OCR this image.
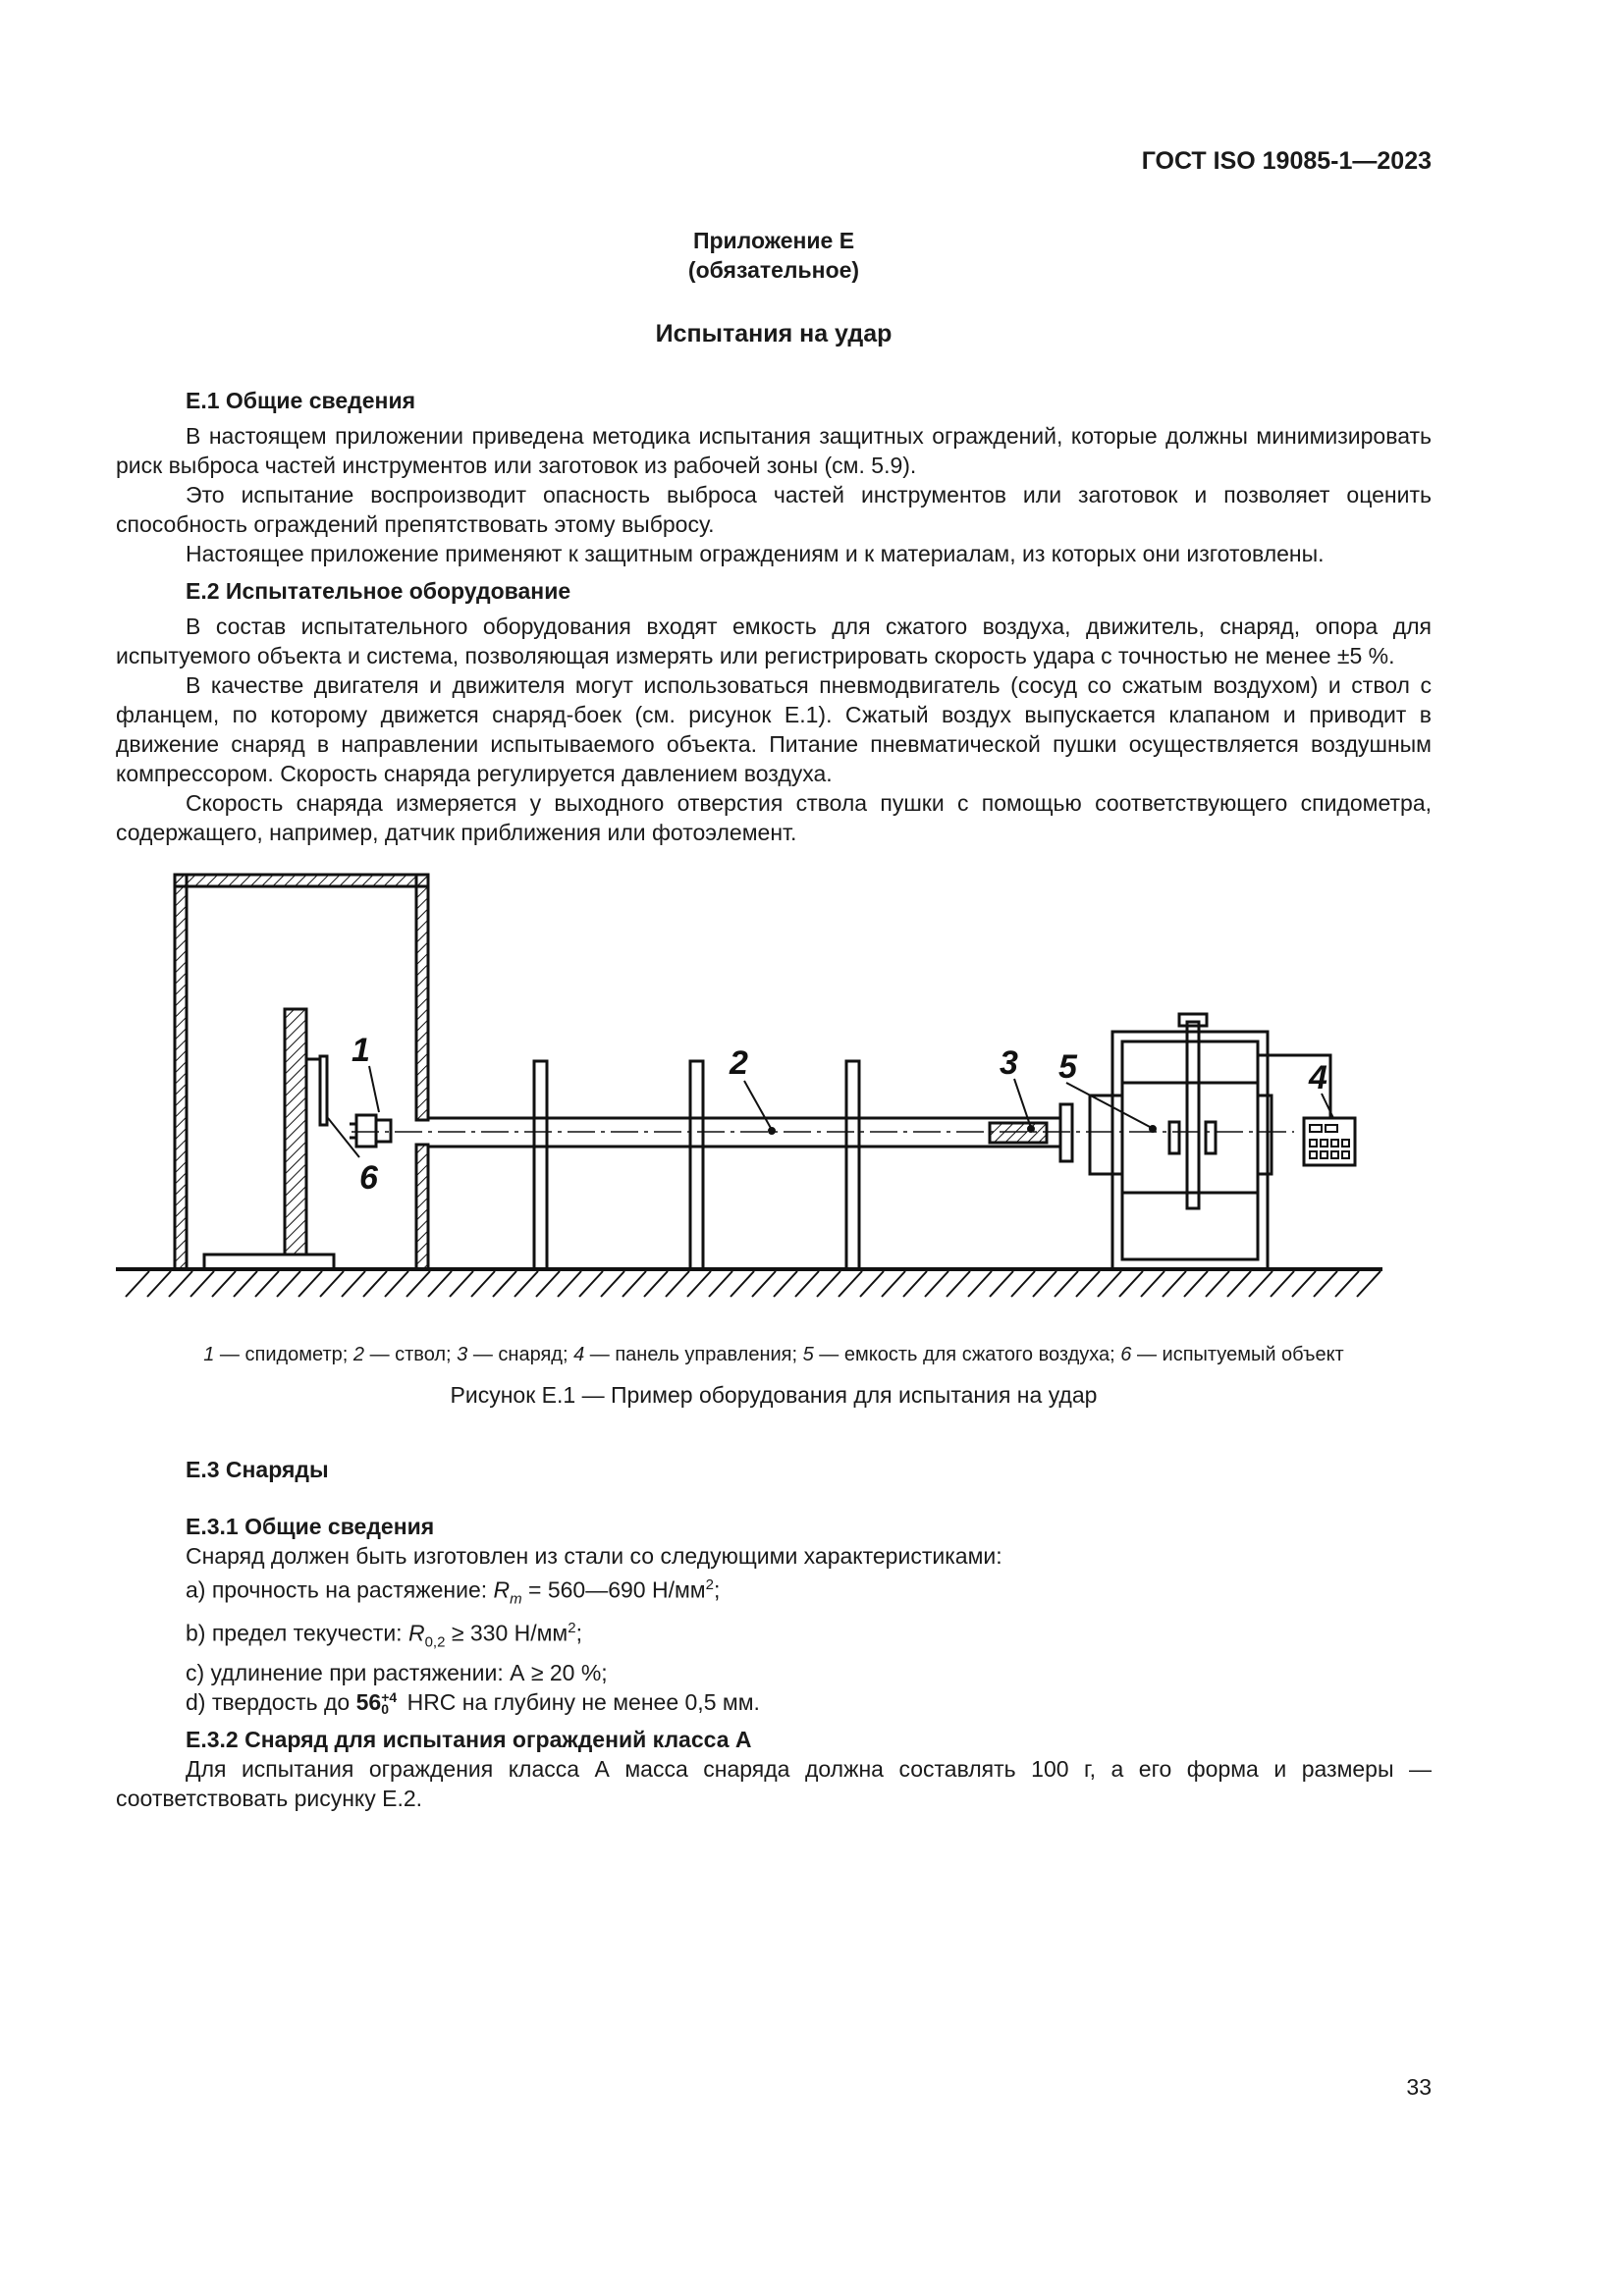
ГОСТ ISO 19085-1—2023
Приложение Е
(обязательное)
Испытания на удар
Е.1 Общие сведения

В настоящем приложении приведена методика испытания защитных ограждений, которые должны минимизировать риск выброса частей инструментов или заготовок из рабочей зоны (см. 5.9).

Это испытание воспроизводит опасность выброса частей инструментов или заготовок и позволяет оценить способность ограждений препятствовать этому выбросу.

Настоящее приложение применяют к защитным ограждениям и к материалам, из которых они изготовлены.

Е.2 Испытательное оборудование

В состав испытательного оборудования входят емкость для сжатого воздуха, движитель, снаряд, опора для испытуемого объекта и система, позволяющая измерять или регистрировать скорость удара с точностью не менее ±5 %.

В качестве двигателя и движителя могут использоваться пневмодвигатель (сосуд со сжатым воздухом) и ствол с фланцем, по которому движется снаряд-боек (см. рисунок Е.1). Сжатый воздух выпускается клапаном и приводит в движение снаряд в направлении испытываемого объекта. Питание пневматической пушки осуществляется воздушным компрессором. Скорость снаряда регулируется давлением воздуха.

Скорость снаряда измеряется у выходного отверстия ствола пушки с помощью соответствующего спидометра, содержащего, например, датчик приближения или фотоэлемент.

1	2	3	4
5
6
1 — спидометр; 2 — ствол; 3 — снаряд; 4 — панель управления; 5 — емкость для сжатого воздуха; 6 — испытуемый объект
Рисунок Е.1 — Пример оборудования для испытания на удар
Е.3 Снаряды
Е.3.1 Общие сведения
Снаряд должен быть изготовлен из стали со следующими характеристиками:
a) прочность на растяжение: $R_m$ = 560—690 $Н/мм^2$;
b) предел текучести: $R_{0,2} \ge 330$ $Н/мм^2$;
c) удлинение при растяжении: А ≥ 20 %;
d) твердость до 56 +4
0 HRC на глубину не менее 0,5 мм.
Е.3.2 Снаряд для испытания ограждений класса А

Для испытания ограждения класса А масса снаряда должна составлять 100 г, а его форма и размеры — соответствовать рисунку Е.2.

33
